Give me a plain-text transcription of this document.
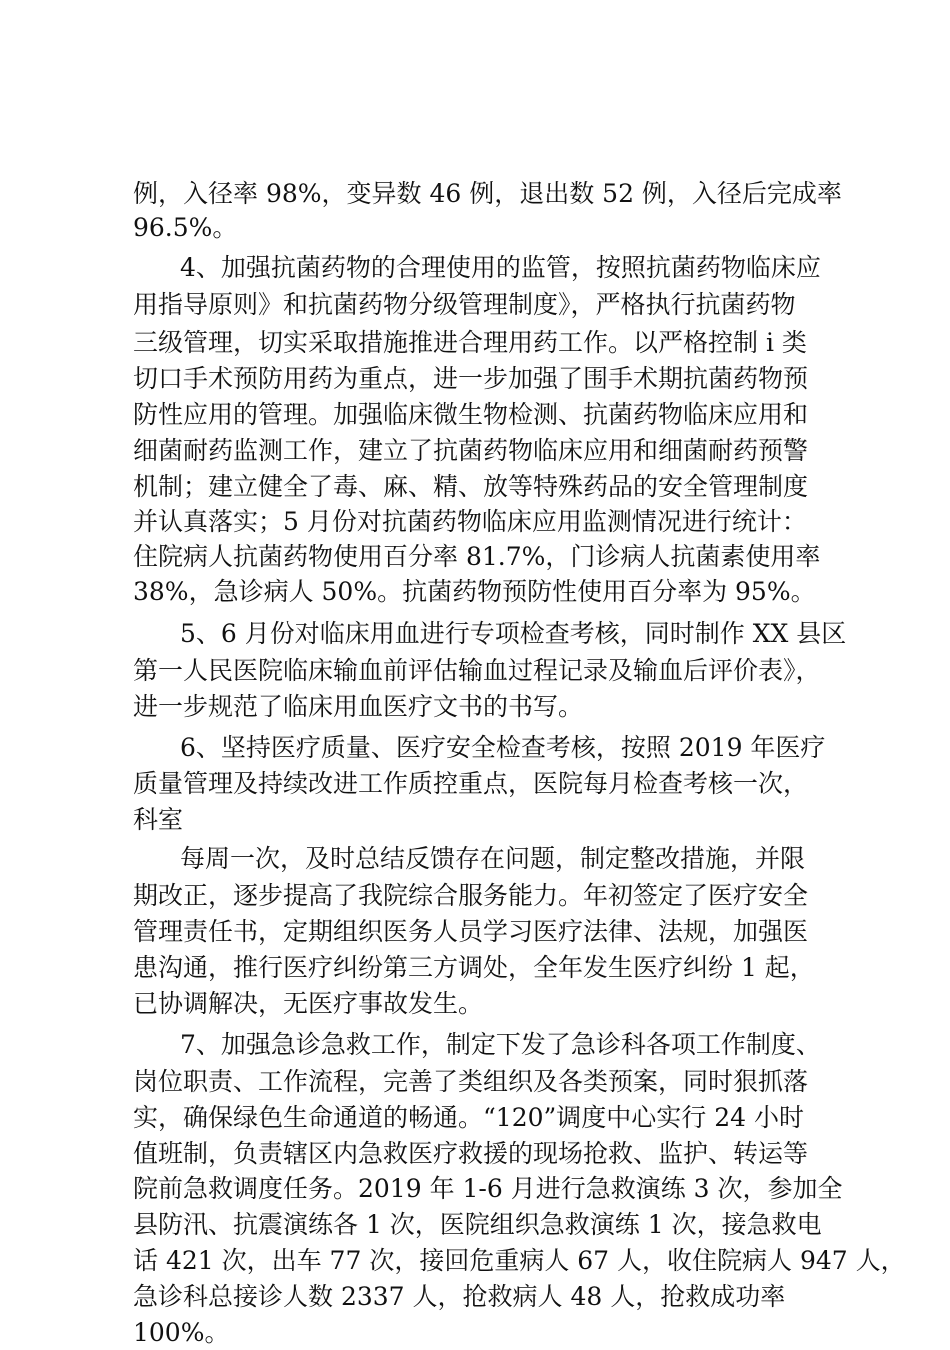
例，入径率 98%，变异数 46 例，退出数 52 例，入径后完成率
96.5%。
4、加强抗菌药物的合理使用的监管，按照抗菌药物临床应
用指导原则》和抗菌药物分级管理制度》，严格执行抗菌药物
三级管理，切实采取措施推进合理用药工作。以严格控制 i 类
切口手术预防用药为重点，进一步加强了围手术期抗菌药物预
防性应用的管理。加强临床微生物检测、抗菌药物临床应用和
细菌耐药监测工作，建立了抗菌药物临床应用和细菌耐药预警
机制；建立健全了毒、麻、精、放等特殊药品的安全管理制度
并认真落实；5 月份对抗菌药物临床应用监测情况进行统计：
住院病人抗菌药物使用百分率 81.7%，门诊病人抗菌素使用率
38%，急诊病人 50%。抗菌药物预防性使用百分率为 95%。
5、6 月份对临床用血进行专项检查考核，同时制作 XX 县区
第一人民医院临床输血前评估输血过程记录及输血后评价表》，
进一步规范了临床用血医疗文书的书写。
6、坚持医疗质量、医疗安全检查考核，按照 2019 年医疗
质量管理及持续改进工作质控重点，医院每月检查考核一次，
科室
每周一次，及时总结反馈存在问题，制定整改措施，并限
期改正，逐步提高了我院综合服务能力。年初签定了医疗安全
管理责任书，定期组织医务人员学习医疗法律、法规，加强医
患沟通，推行医疗纠纷第三方调处，全年发生医疗纠纷 1 起，
已协调解决，无医疗事故发生。
7、加强急诊急救工作，制定下发了急诊科各项工作制度、
岗位职责、工作流程，完善了类组织及各类预案，同时狠抓落
实，确保绿色生命通道的畅通。“120”调度中心实行 24 小时
值班制，负责辖区内急救医疗救援的现场抢救、监护、转运等
院前急救调度任务。2019 年 1-6 月进行急救演练 3 次，参加全
县防汛、抗震演练各 1 次，医院组织急救演练 1 次，接急救电
话 421 次，出车 77 次，接回危重病人 67 人，收住院病人 947 人，
急诊科总接诊人数 2337 人，抢救病人 48 人，抢救成功率
100%。
